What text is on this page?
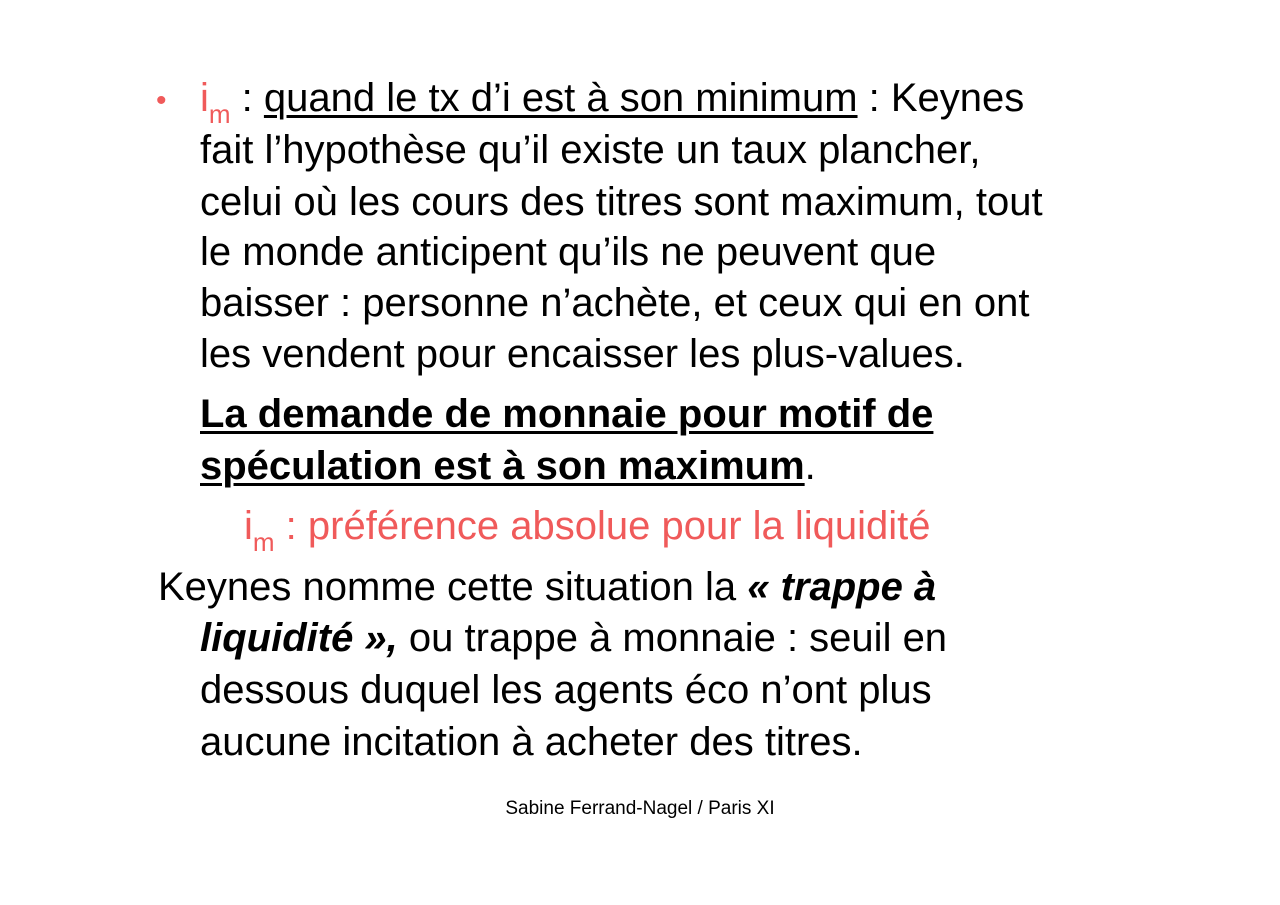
• $i_m$ : quand le tx d’i est à son minimum : Keynes
fait l’hypothèse qu’il existe un taux plancher,
celui où les cours des titres sont maximum, tout
le monde anticipent qu’ils ne peuvent que
baisser : personne n’achète, et ceux qui en ont
les vendent pour encaisser les plus-values.
La demande de monnaie pour motif de
spéculation est à son maximum.
$i_m$ : préférence absolue pour la liquidité
Keynes nomme cette situation la « trappe à
liquidité », ou trappe à monnaie : seuil en
dessous duquel les agents éco n’ont plus
aucune incitation à acheter des titres.
Sabine Ferrand-Nagel / Paris XI
